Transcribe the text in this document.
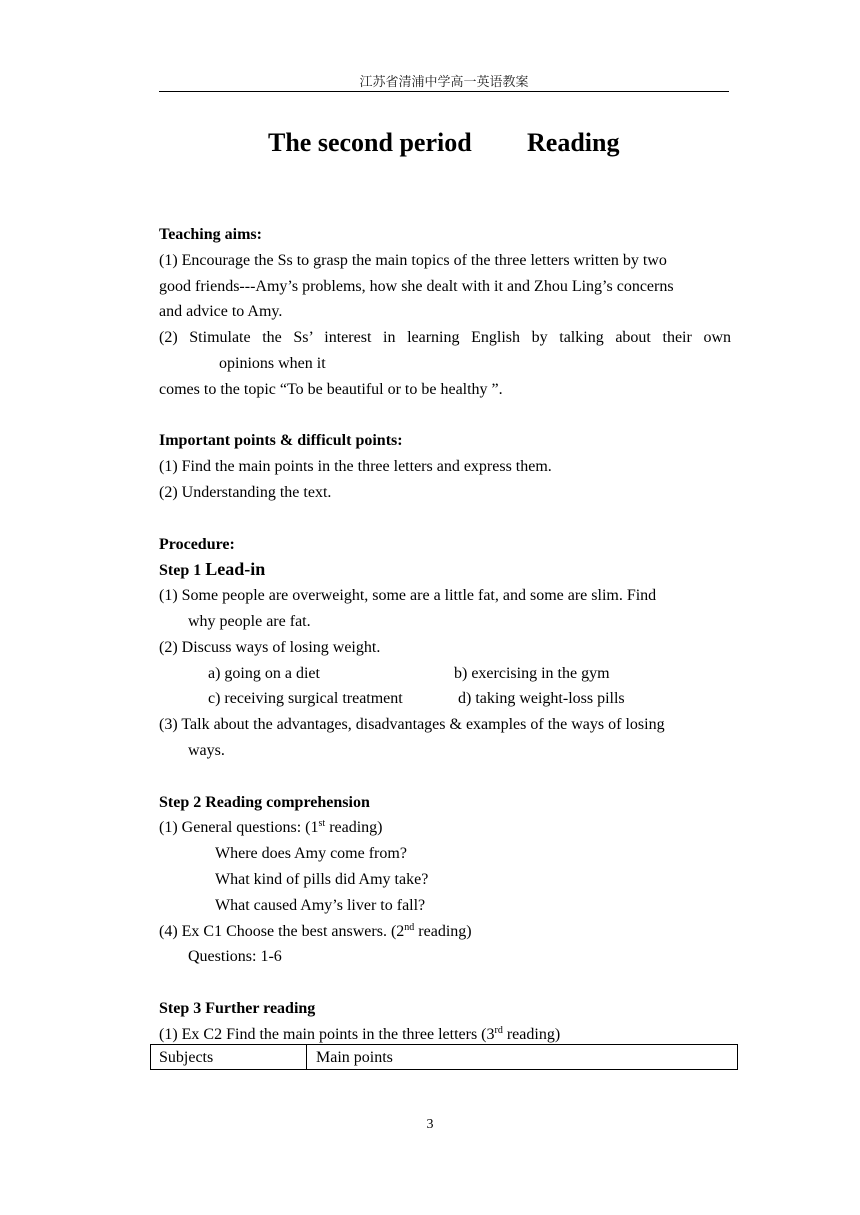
江苏省清浦中学高一英语教案
The second period Reading
Teaching aims:
(1) Encourage the Ss to grasp the main topics of the three letters written by two
good friends---Amy’s problems, how she dealt with it and Zhou Ling’s concerns
and advice to Amy.
(2) Stimulate the Ss’ interest in learning English by talking about their own
opinions when it
comes to the topic “To be beautiful or to be healthy ”.
Important points & difficult points:
(1) Find the main points in the three letters and express them.
(2) Understanding the text.
Procedure:
Step 1 Lead-in
(1) Some people are overweight, some are a little fat, and some are slim. Find
why people are fat.
(2) Discuss ways of losing weight.
a) going on a diet	b) exercising in the gym
c) receiving surgical treatment	d) taking weight-loss pills
(3) Talk about the advantages, disadvantages & examples of the ways of losing
ways.
Step 2 Reading comprehension
(1) General questions: (1st reading)
Where does Amy come from?
What kind of pills did Amy take?
What caused Amy’s liver to fall?
(4) Ex C1 Choose the best answers. (2nd reading)
Questions: 1-6
Step 3 Further reading
(1) Ex C2 Find the main points in the three letters (3rd reading)
Subjects	Main points
3
